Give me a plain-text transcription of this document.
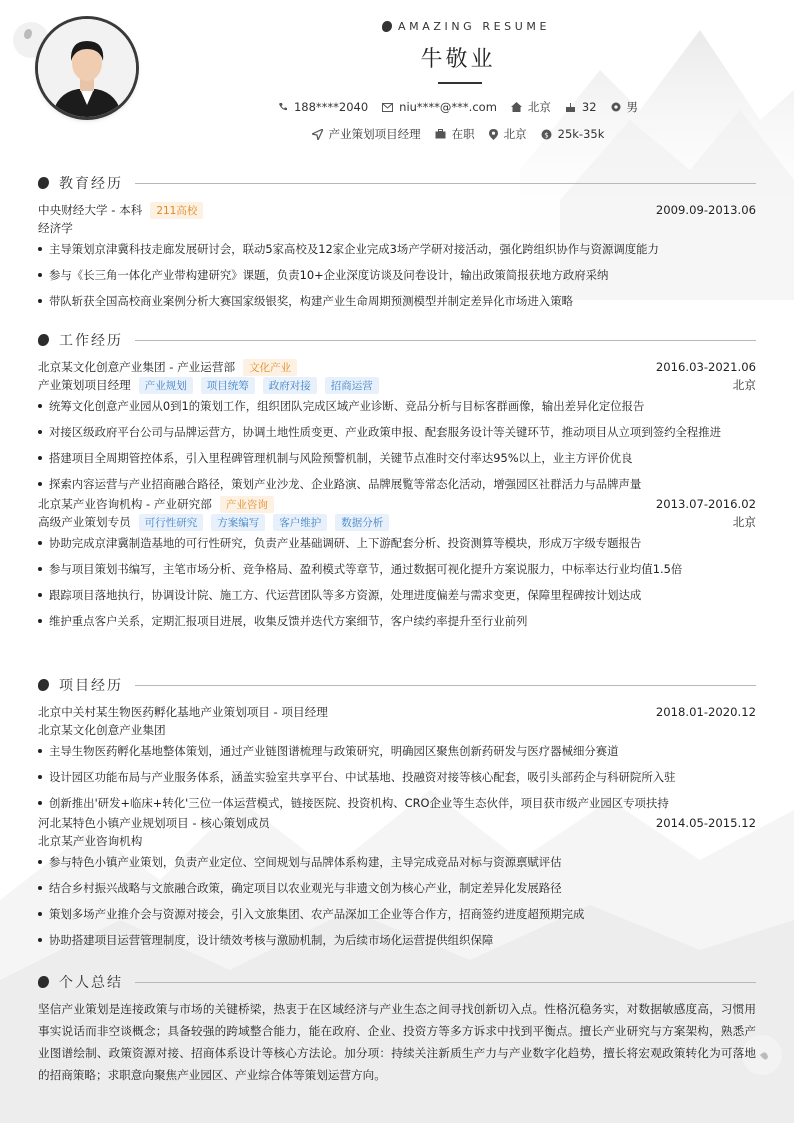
AMAZING RESUME
牛敬业
188****2040	niu****@***.com	北京	32	男
产业策划项目经理	在职	北京 $ 25k-35k
教育经历
中央财经大学 - 本科	211高校	2009.09-2013.06
经济学
主导策划京津冀科技走廊发展研讨会，联动5家高校及12家企业完成3场产学研对接活动，强化跨组织协作与资源调度能力
参与《长三角一体化产业带构建研究》课题，负责10+企业深度访谈及问卷设计，输出政策简报获地方政府采纳
带队斩获全国高校商业案例分析大赛国家级银奖，构建产业生命周期预测模型并制定差异化市场进入策略
工作经历
北京某文化创意产业集团 - 产业运营部	文化产业	2016.03-2021.06
产业策划项目经理	产业规划	项目统筹	政府对接	招商运营	北京
统筹文化创意产业园从0到1的策划工作，组织团队完成区域产业诊断、竞品分析与目标客群画像，输出差异化定位报告
对接区级政府平台公司与品牌运营方，协调土地性质变更、产业政策申报、配套服务设计等关键环节，推动项目从立项到签约全程推进
搭建项目全周期管控体系，引入里程碑管理机制与风险预警机制，关键节点准时交付率达95%以上，业主方评价优良
探索内容运营与产业招商融合路径，策划产业沙龙、企业路演、品牌展覧等常态化活动，增强园区社群活力与品牌声量
北京某产业咨询机构 - 产业研究部	产业咨询	2013.07-2016.02
高级产业策划专员	可行性研究	方案编写	客户维护	数据分析	北京
协助完成京津冀制造基地的可行性研究，负责产业基础调研、上下游配套分析、投资测算等模块，形成万字级专题报告
参与项目策划书编写，主笔市场分析、竞争格局、盈利模式等章节，通过数据可视化提升方案说服力，中标率达行业均值1.5倍
跟踪项目落地执行，协调设计院、施工方、代运营团队等多方资源，处理进度偏差与需求变更，保障里程碑按计划达成
维护重点客户关系，定期汇报项目进展，收集反馈并迭代方案细节，客户续约率提升至行业前列
项目经历
北京中关村某生物医药孵化基地产业策划项目 - 项目经理	2018.01-2020.12
北京某文化创意产业集团
主导生物医药孵化基地整体策划，通过产业链图谱梳理与政策研究，明确园区聚焦创新药研发与医疗器械细分赛道
设计园区功能布局与产业服务体系，涵盖实验室共享平台、中试基地、投融资对接等核心配套，吸引头部药企与科研院所入驻
创新推出'研发+临床+转化'三位一体运营模式，链接医院、投资机构、CRO企业等生态伙伴，项目获市级产业园区专项扶持
河北某特色小镇产业规划项目 - 核心策划成员	2014.05-2015.12
北京某产业咨询机构
参与特色小镇产业策划，负责产业定位、空间规划与品牌体系构建，主导完成竞品对标与资源禀赋评估
结合乡村振兴战略与文旅融合政策，确定项目以农业观光与非遗文创为核心产业，制定差异化发展路径
策划多场产业推介会与资源对接会，引入文旅集团、农产品深加工企业等合作方，招商签约进度超预期完成
协助搭建项目运营管理制度，设计绩效考核与激励机制，为后续市场化运营提供组织保障
个人总结
坚信产业策划是连接政策与市场的关键桥梁，热衷于在区域经济与产业生态之间寻找创新切入点。性格沉稳务实，对数据敏感度高，习惯用事实说话而非空谈概念；具备较强的跨域整合能力，能在政府、企业、投资方等多方诉求中找到平衡点。擅长产业研究与方案架构，熟悉产业图谱绘制、政策资源对接、招商体系设计等核心方法论。加分项：持续关注新质生产力与产业数字化趋势，擅长将宏观政策转化为可落地的招商策略；求职意向聚焦产业园区、产业综合体等策划运营方向。
